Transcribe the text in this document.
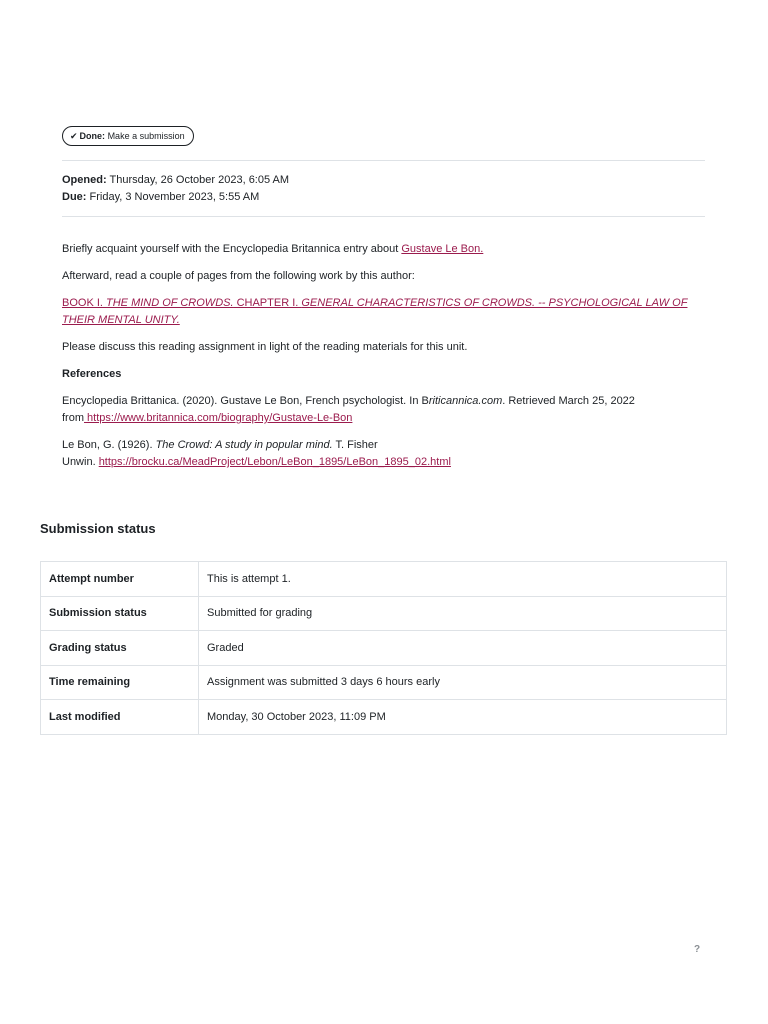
✔ Done: Make a submission
Opened: Thursday, 26 October 2023, 6:05 AM
Due: Friday, 3 November 2023, 5:55 AM

Briefly acquaint yourself with the Encyclopedia Britannica entry about Gustave Le Bon.

Afterward, read a couple of pages from the following work by this author:

BOOK I. THE MIND OF CROWDS. CHAPTER I. GENERAL CHARACTERISTICS OF CROWDS. -- PSYCHOLOGICAL LAW OF THEIR MENTAL UNITY.

Please discuss this reading assignment in light of the reading materials for this unit.

References

Encyclopedia Brittanica. (2020). Gustave Le Bon, French psychologist. In Briticannica.com. Retrieved March 25, 2022
from https://www.britannica.com/biography/Gustave-Le-Bon

Le Bon, G. (1926). The Crowd: A study in popular mind. T. Fisher
Unwin. https://brocku.ca/MeadProject/Lebon/LeBon_1895/LeBon_1895_02.html

Submission status
Attempt number	This is attempt 1.
Submission status	Submitted for grading
Grading status	Graded
Time remaining	Assignment was submitted 3 days 6 hours early
Last modified	Monday, 30 October 2023, 11:09 PM
?
